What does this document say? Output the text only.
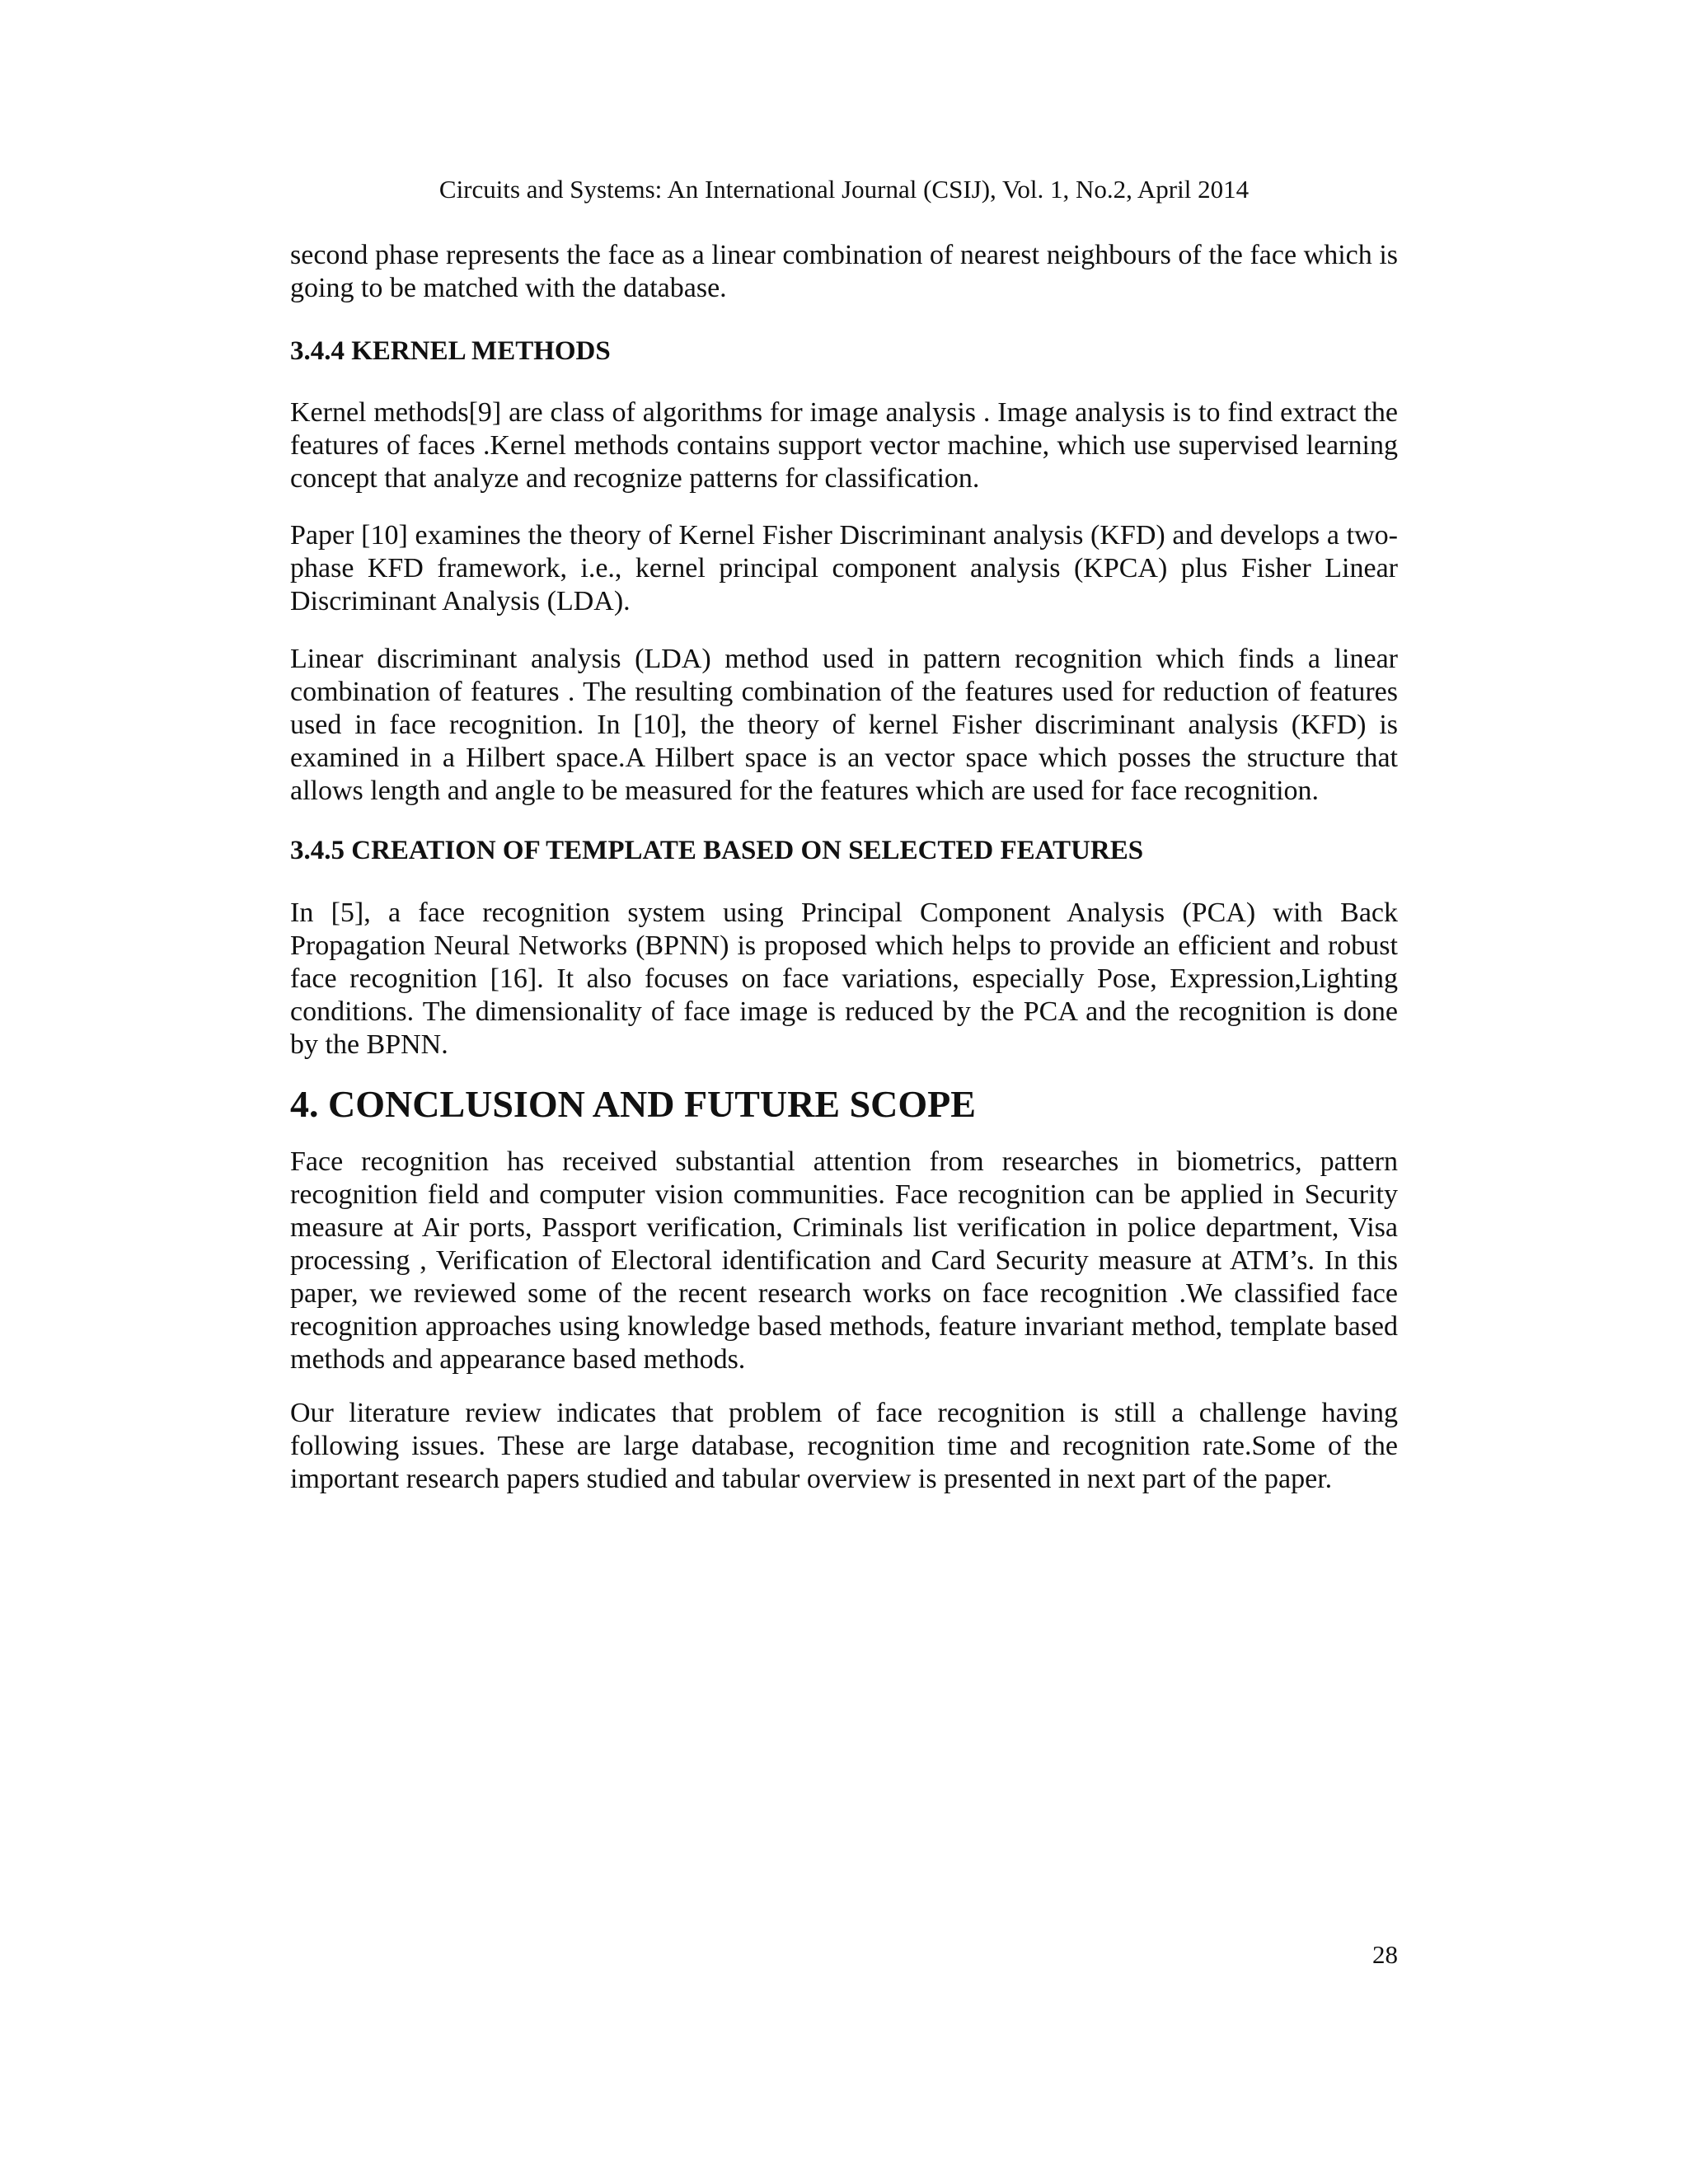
Circuits and Systems: An International Journal (CSIJ), Vol. 1, No.2, April 2014

second phase represents the face as a linear combination of nearest neighbours of the face which is going to be matched with the database.

3.4.4 KERNEL METHODS

Kernel methods[9] are class of algorithms for image analysis . Image analysis is to find extract the features of faces .Kernel methods contains support vector machine, which use supervised learning concept that analyze and recognize patterns for classification.

Paper [10] examines the theory of Kernel Fisher Discriminant analysis (KFD) and develops a two-phase KFD framework, i.e., kernel principal component analysis (KPCA) plus Fisher Linear Discriminant Analysis (LDA).

Linear discriminant analysis (LDA) method used in pattern recognition which finds a linear combination of features . The resulting combination of the features used for reduction of features used in face recognition. In [10], the theory of kernel Fisher discriminant analysis (KFD) is examined in a Hilbert space.A Hilbert space is an vector space which posses the structure that allows length and angle to be measured for the features which are used for face recognition.

3.4.5 CREATION OF TEMPLATE BASED ON SELECTED FEATURES

In [5], a face recognition system using Principal Component Analysis (PCA) with Back Propagation Neural Networks (BPNN) is proposed which helps to provide an efficient and robust face recognition [16]. It also focuses on face variations, especially Pose, Expression,Lighting conditions. The dimensionality of face image is reduced by the PCA and the recognition is done by the BPNN.

4. CONCLUSION AND FUTURE SCOPE

Face recognition has received substantial attention from researches in biometrics, pattern recognition field and computer vision communities. Face recognition can be applied in Security measure at Air ports, Passport verification, Criminals list verification in police department, Visa processing , Verification of Electoral identification and Card Security measure at ATM’s. In this paper, we reviewed some of the recent research works on face recognition .We classified face recognition approaches using knowledge based methods, feature invariant method, template based methods and appearance based methods.

Our literature review indicates that problem of face recognition is still a challenge having following issues. These are large database, recognition time and recognition rate.Some of the important research papers studied and tabular overview is presented in next part of the paper.

28
